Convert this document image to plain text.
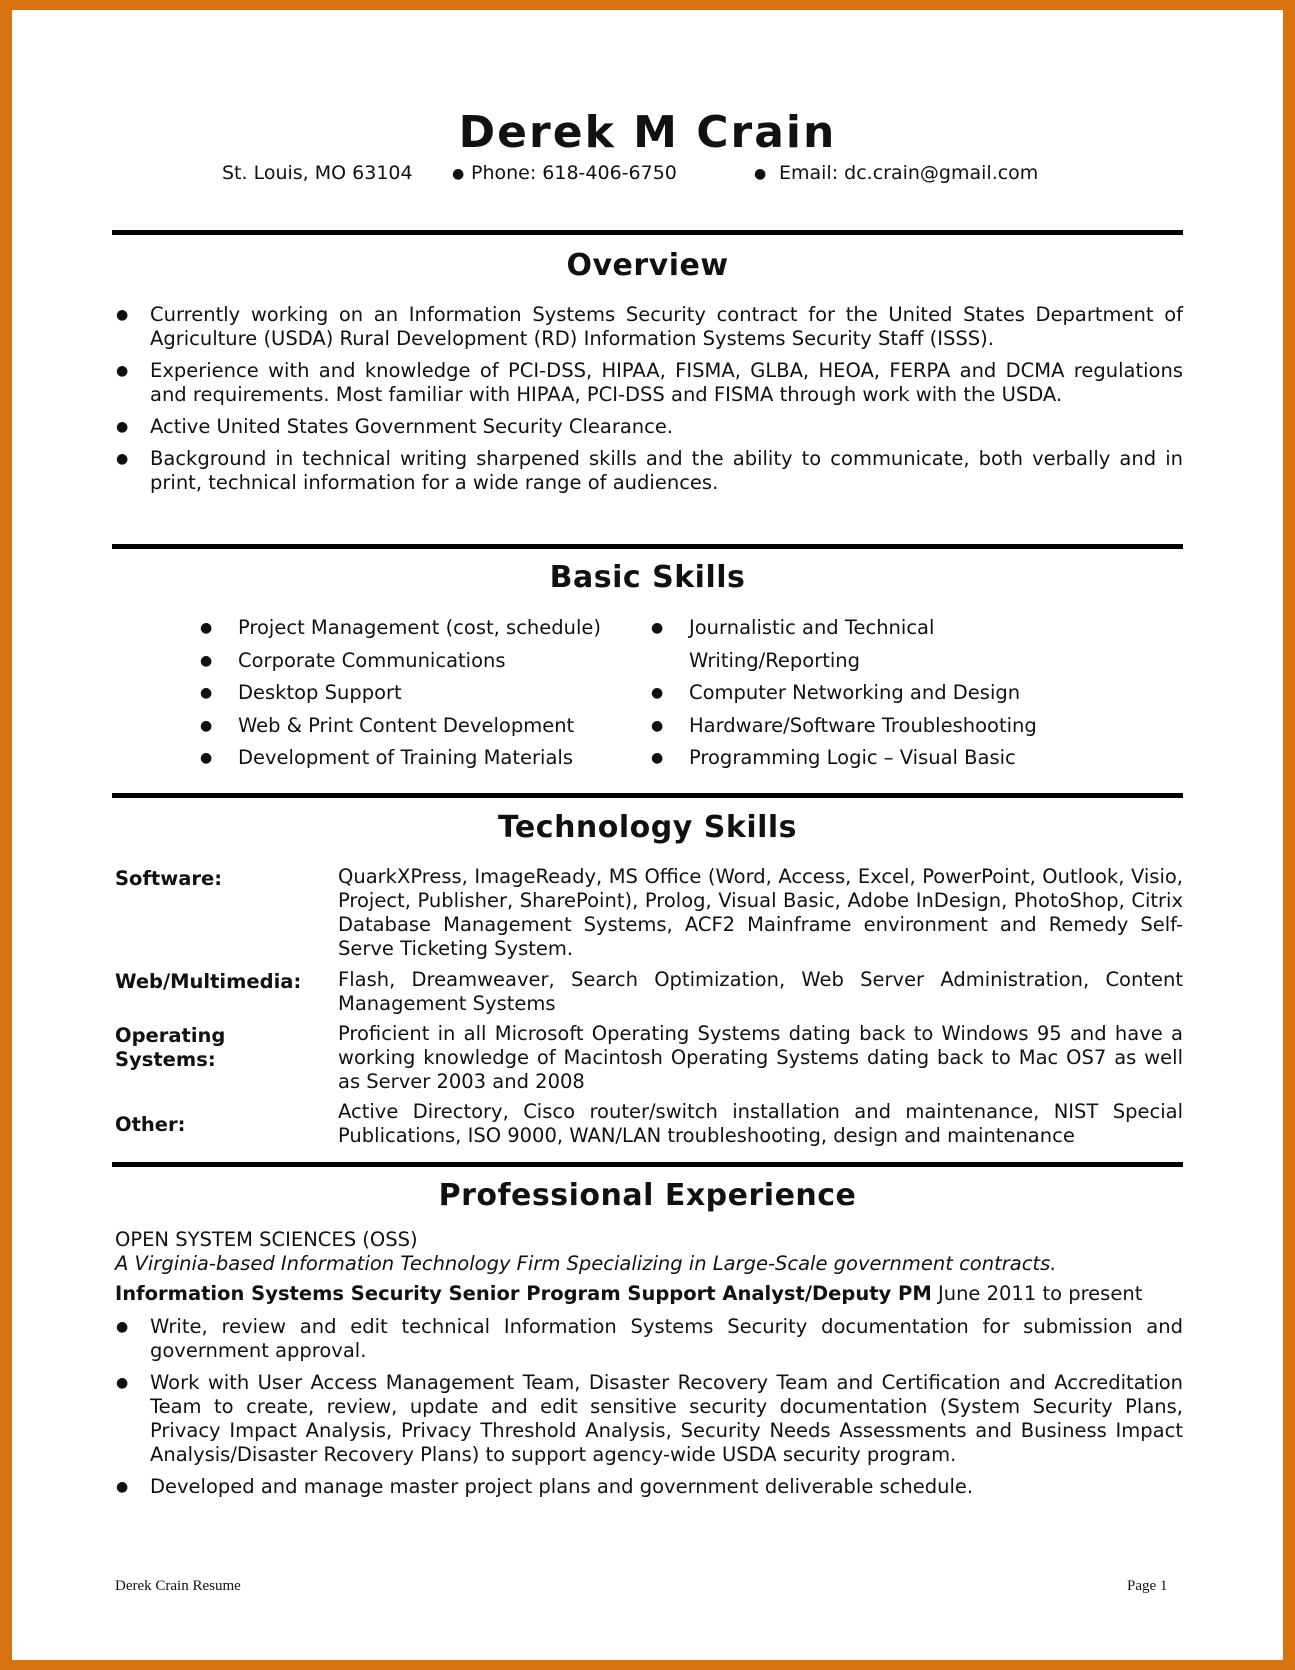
Derek M Crain
St. Louis, MO 63104	● Phone: 618-406-6750	● Email: dc.crain@gmail.com
Overview
● Currently working on an Information Systems Security contract for the United States Department of Agriculture (USDA) Rural Development (RD) Information Systems Security Staff (ISSS).
● Experience with and knowledge of PCI-DSS, HIPAA, FISMA, GLBA, HEOA, FERPA and DCMA regulations and requirements. Most familiar with HIPAA, PCI-DSS and FISMA through work with the USDA.
● Active United States Government Security Clearance.
● Background in technical writing sharpened skills and the ability to communicate, both verbally and in print, technical information for a wide range of audiences.
Basic Skills
● Project Management (cost, schedule)
● Corporate Communications
● Desktop Support
● Web & Print Content Development
● Development of Training Materials
● Journalistic and Technical
Writing/Reporting
● Computer Networking and Design
● Hardware/Software Troubleshooting
● Programming Logic – Visual Basic
Technology Skills
Software:	QuarkXPress, ImageReady, MS Office (Word, Access, Excel, PowerPoint, Outlook, Visio, Project, Publisher, SharePoint), Prolog, Visual Basic, Adobe InDesign, PhotoShop, Citrix Database Management Systems, ACF2 Mainframe environment and Remedy Self-Serve Ticketing System.
Web/Multimedia: Flash, Dreamweaver, Search Optimization, Web Server Administration, Content Management Systems
Operating Systems:
Proficient in all Microsoft Operating Systems dating back to Windows 95 and have a working knowledge of Macintosh Operating Systems dating back to Mac OS7 as well as Server 2003 and 2008
Other:
Active Directory, Cisco router/switch installation and maintenance, NIST Special Publications, ISO 9000, WAN/LAN troubleshooting, design and maintenance
Professional Experience
OPEN SYSTEM SCIENCES (OSS)
A Virginia-based Information Technology Firm Specializing in Large-Scale government contracts.
Information Systems Security Senior Program Support Analyst/Deputy PM June 2011 to present
● Write, review and edit technical Information Systems Security documentation for submission and government approval.
● Work with User Access Management Team, Disaster Recovery Team and Certification and Accreditation Team to create, review, update and edit sensitive security documentation (System Security Plans, Privacy Impact Analysis, Privacy Threshold Analysis, Security Needs Assessments and Business Impact Analysis/Disaster Recovery Plans) to support agency-wide USDA security program.
● Developed and manage master project plans and government deliverable schedule.
Derek Crain Resume	Page 1
